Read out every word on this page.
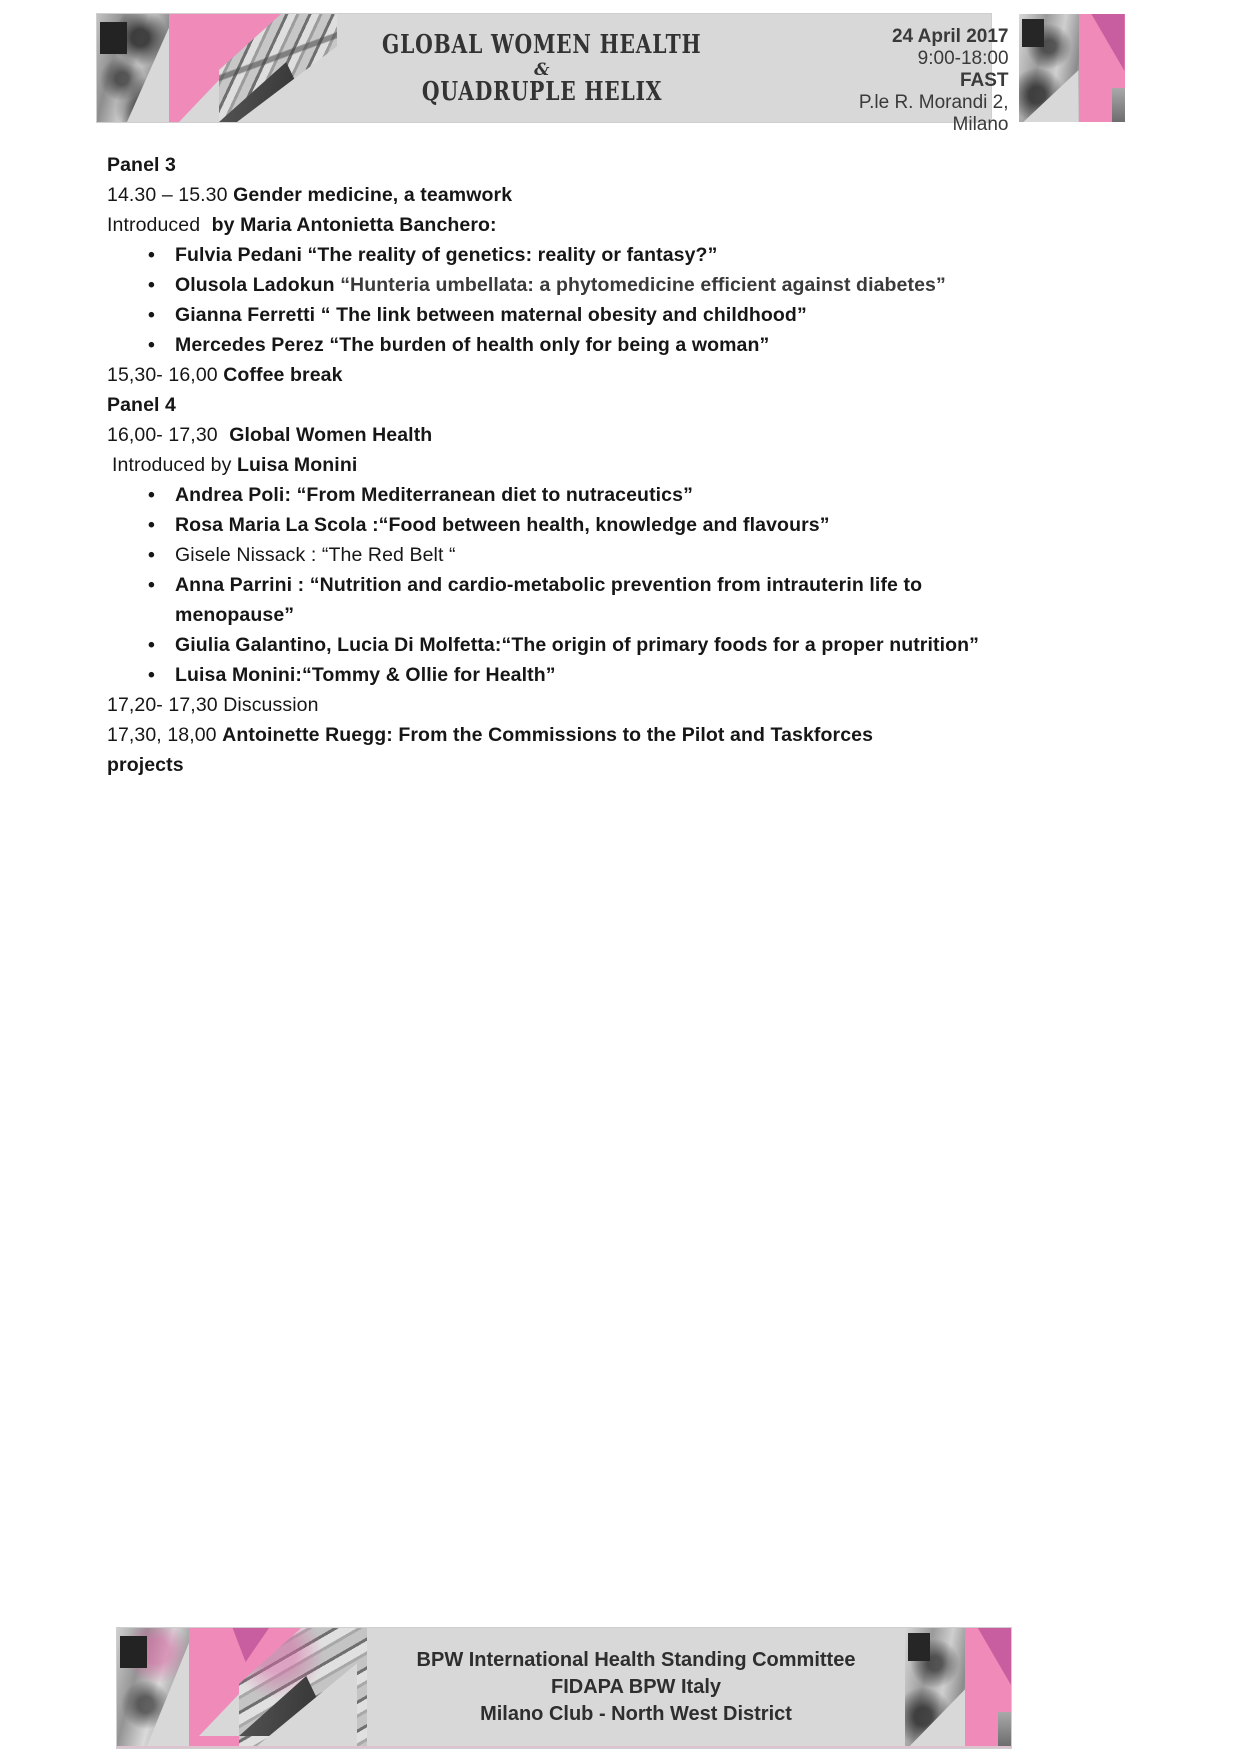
GLOBAL WOMEN HEALTH
&
QUADRUPLE HELIX
24 April 2017
9:00-18:00
FAST
P.le R. Morandi 2,
Milano

Panel 3

14.30 – 15.30 Gender medicine, a teamwork

Introduced by Maria Antonietta Banchero:

• Fulvia Pedani “The reality of genetics: reality or fantasy?”
• Olusola Ladokun “Hunteria umbellata: a phytomedicine efficient against diabetes”
• Gianna Ferretti “ The link between maternal obesity and childhood”
• Mercedes Perez “The burden of health only for being a woman”

15,30- 16,00 Coffee break

Panel 4

16,00- 17,30 Global Women Health

Introduced by Luisa Monini

• Andrea Poli: “From Mediterranean diet to nutraceutics”
• Rosa Maria La Scola :“Food between health, knowledge and flavours”
• Gisele Nissack : “The Red Belt “
• Anna Parrini : “Nutrition and cardio-metabolic prevention from intrauterin life to menopause”
• Giulia Galantino, Lucia Di Molfetta:“The origin of primary foods for a proper nutrition”
• Luisa Monini:“Tommy & Ollie for Health”

17,20- 17,30 Discussion

17,30, 18,00 Antoinette Ruegg: From the Commissions to the Pilot and Taskforces
projects

BPW International Health Standing Committee
FIDAPA BPW Italy
Milano Club - North West District
